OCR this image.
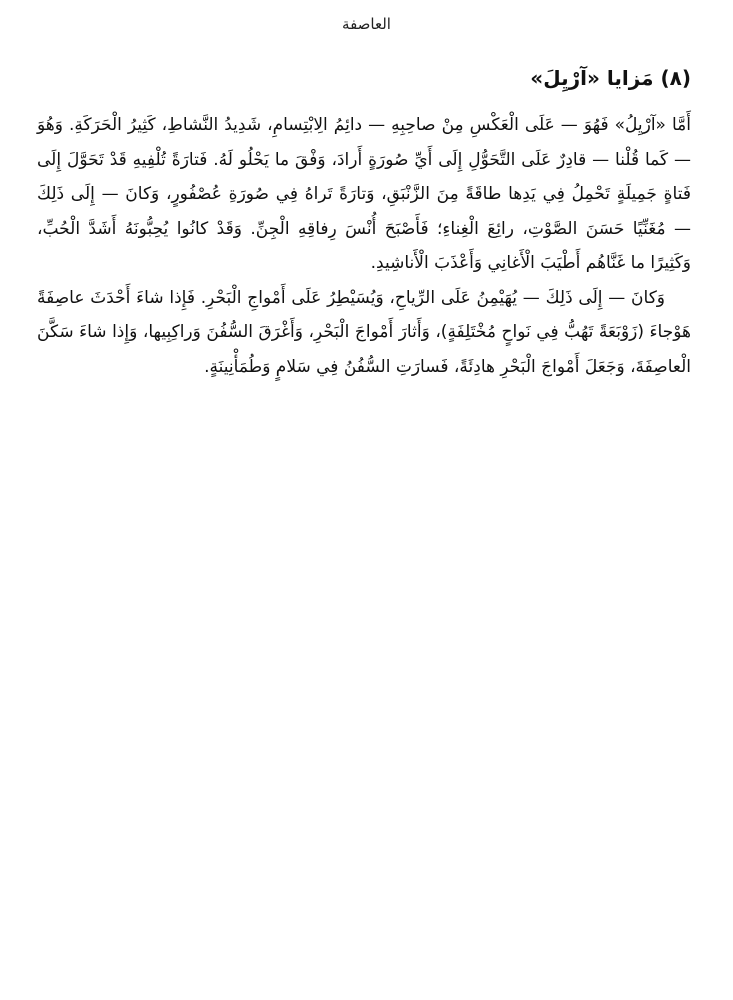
العاصفة
(٨) مَزايا «آرْيِلَ»

أَمَّا «آرْيِلُ» فَهُوَ — عَلَى الْعَكْسِ مِنْ صاحِبِهِ — دائِمُ الِابْتِسامِ، شَدِيدُ النَّشاطِ، كَثِيرُ الْحَرَكَةِ. وَهُوَ — كَما قُلْنا — قادِرٌ عَلَى التَّحَوُّلِ إِلَى أَيِّ صُورَةٍ أَرادَ، وَفْقَ ما يَحْلُو لَهُ. فَتارَةً تُلْفِيهِ قَدْ تَحَوَّلَ إِلَى فَتاةٍ جَمِيلَةٍ تَحْمِلُ فِي يَدِها طاقَةً مِنَ الزَّنْبَقِ، وَتارَةً تَراهُ فِي صُورَةِ عُصْفُورٍ، وَكانَ — إِلَى ذَلِكَ — مُغَنِّيًا حَسَنَ الصَّوْتِ، رائِعَ الْغِناءِ؛ فَأَصْبَحَ أُنْسَ رِفاقِهِ الْجِنِّ. وَقَدْ كانُوا يُحِبُّونَهُ أَشَدَّ الْحُبِّ، وَكَثِيرًا ما غَنَّاهُم أَطْيَبَ الْأَغانِي وَأَعْذَبَ الْأَناشِيدِ.

وَكانَ — إِلَى ذَلِكَ — يُهَيْمِنُ عَلَى الرِّياحِ، وَيُسَيْطِرُ عَلَى أَمْواجِ الْبَحْرِ. فَإِذا شاءَ أَحْدَثَ عاصِفَةً هَوْجاءَ (زَوْبَعَةً تَهُبُّ فِي نَواحٍ مُخْتَلِفَةٍ)، وَأَثارَ أَمْواجَ الْبَحْرِ، وَأَغْرَقَ السُّفُنَ وَراكِبِيها، وَإِذا شاءَ سَكَّنَ الْعاصِفَةَ، وَجَعَلَ أَمْواجَ الْبَحْرِ هادِئَةً، فَسارَتِ السُّفُنُ فِي سَلامٍ وَطُمَأْنِينَةٍ.
